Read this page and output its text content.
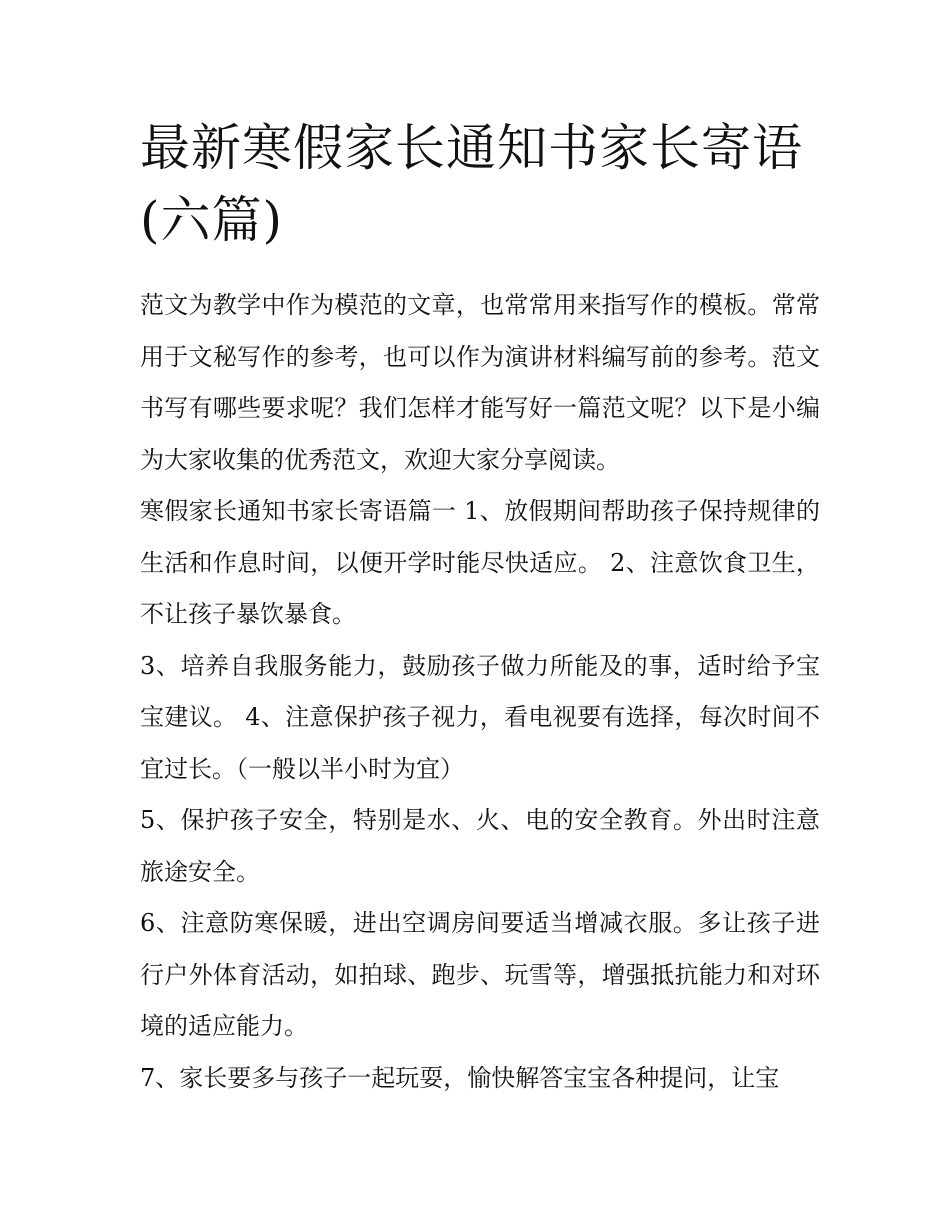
最新寒假家长通知书家长寄语(六篇)

范文为教学中作为模范的文章，也常常用来指写作的模板。常常用于文秘写作的参考，也可以作为演讲材料编写前的参考。范文书写有哪些要求呢？我们怎样才能写好一篇范文呢？以下是小编为大家收集的优秀范文，欢迎大家分享阅读。

寒假家长通知书家长寄语篇一 1、放假期间帮助孩子保持规律的生活和作息时间，以便开学时能尽快适应。 2、注意饮食卫生，不让孩子暴饮暴食。

3、培养自我服务能力，鼓励孩子做力所能及的事，适时给予宝宝建议。 4、注意保护孩子视力，看电视要有选择，每次时间不宜过长。（一般以半小时为宜）

5、保护孩子安全，特别是水、火、电的安全教育。外出时注意旅途安全。

6、注意防寒保暖，进出空调房间要适当增减衣服。多让孩子进行户外体育活动，如拍球、跑步、玩雪等，增强抵抗能力和对环境的适应能力。

7、家长要多与孩子一起玩耍，愉快解答宝宝各种提问，让宝
